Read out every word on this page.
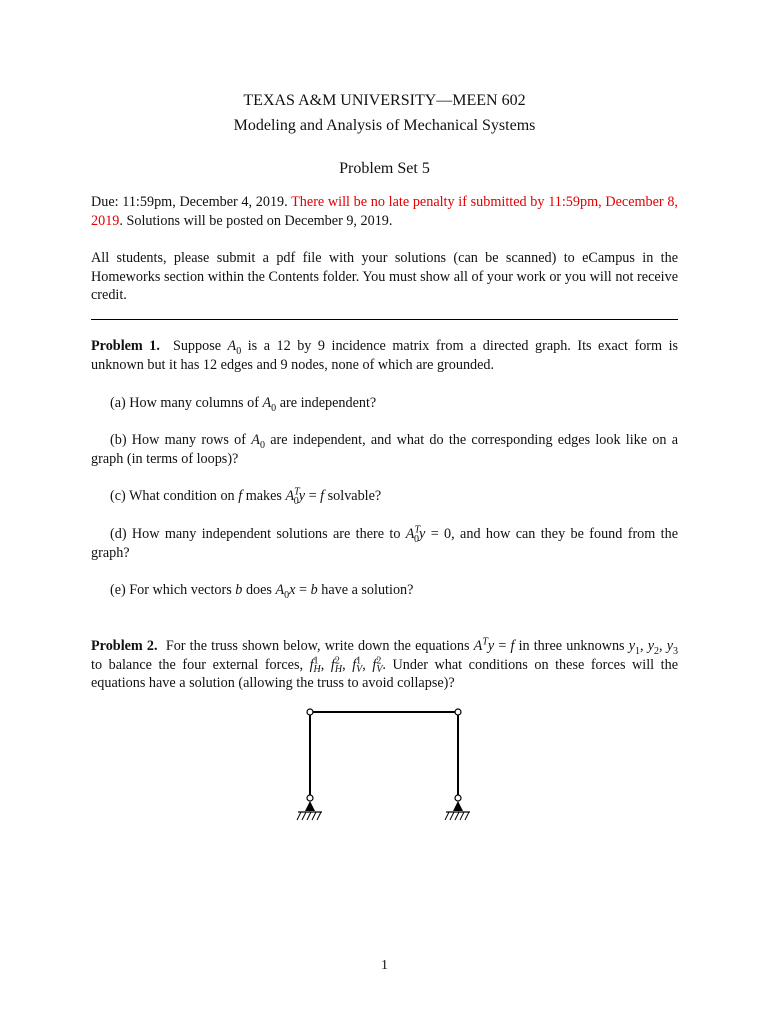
TEXAS A&M UNIVERSITY—MEEN 602
Modeling and Analysis of Mechanical Systems
Problem Set 5
Due: 11:59pm, December 4, 2019. There will be no late penalty if submitted by 11:59pm, December 8, 2019. Solutions will be posted on December 9, 2019.
All students, please submit a pdf file with your solutions (can be scanned) to eCampus in the Homeworks section within the Contents folder. You must show all of your work or you will not receive credit.
Problem 1. Suppose $A_0$ is a 12 by 9 incidence matrix from a directed graph. Its exact form is unknown but it has 12 edges and 9 nodes, none of which are grounded.
(a) How many columns of $A_0$ are independent?
(b) How many rows of $A_0$ are independent, and what do the corresponding edges look like on a graph (in terms of loops)?
(c) What condition on f makes $A^T_0y = f$ solvable?
(d) How many independent solutions are there to $A^T_0y = 0$, and how can they be found from the graph?
(e) For which vectors b does $A_0x = b$ have a solution?
Problem 2. For the truss shown below, write down the equations $A^Ty = f$ in three unknowns $y_1$, $y_2$, $y_3$ to balance the four external forces, $f^1_H$, $f^2_H$, $f^1_V$, $f^2_V$. Under what conditions on these forces will the equations have a solution (allowing the truss to avoid collapse)?
1
